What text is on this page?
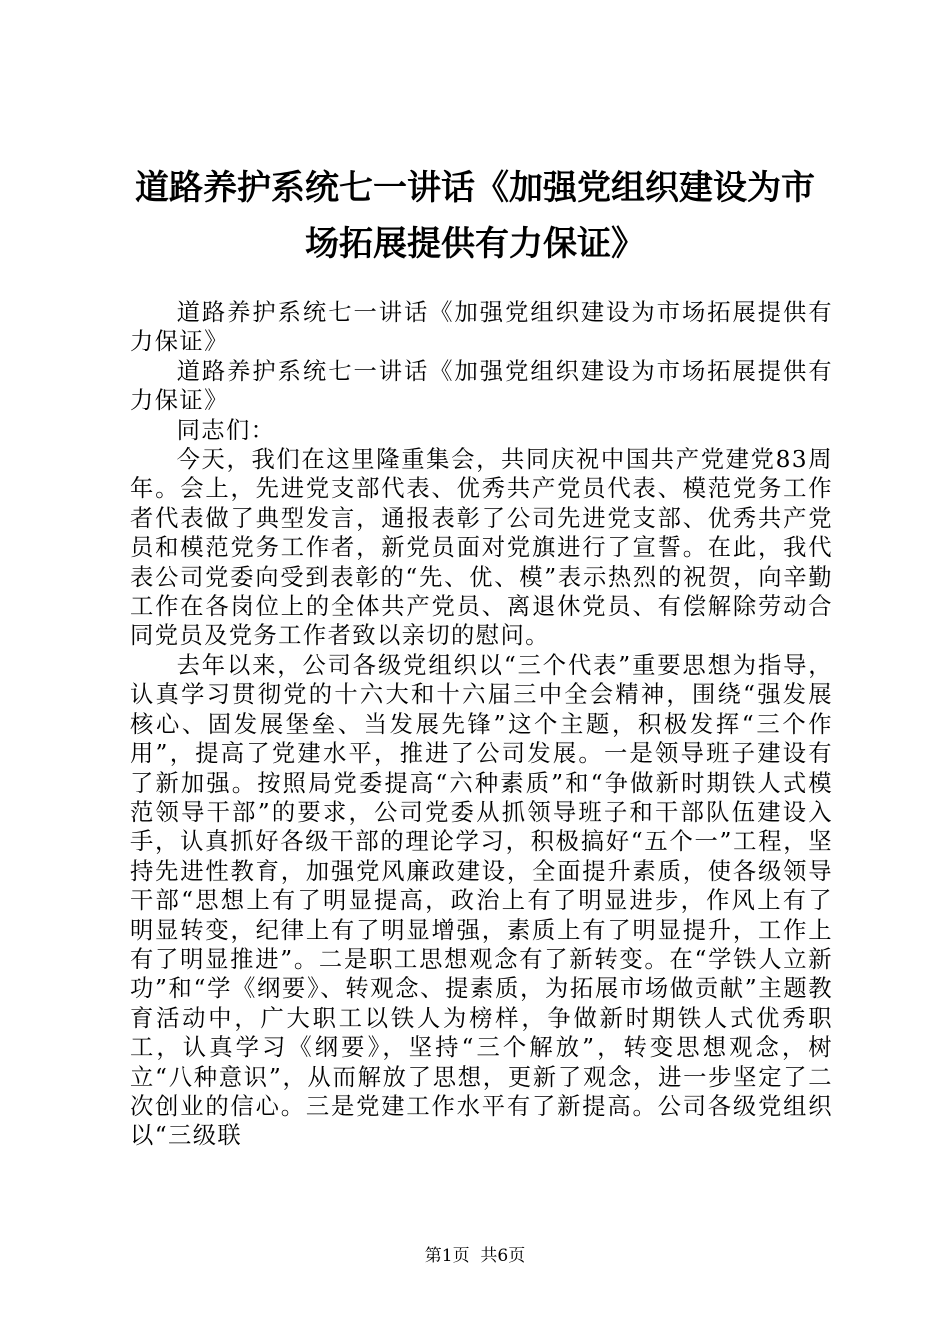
道路养护系统七一讲话《加强党组织建设为市
场拓展提供有力保证》

道路养护系统七一讲话《加强党组织建设为市场拓展提供有力保证》

道路养护系统七一讲话《加强党组织建设为市场拓展提供有力保证》

同志们：

今天，我们在这里隆重集会，共同庆祝中国共产党建党83周年。会上，先进党支部代表、优秀共产党员代表、模范党务工作者代表做了典型发言，通报表彰了公司先进党支部、优秀共产党员和模范党务工作者，新党员面对党旗进行了宣誓。在此，我代表公司党委向受到表彰的“先、优、模”表示热烈的祝贺，向辛勤工作在各岗位上的全体共产党员、离退休党员、有偿解除劳动合同党员及党务工作者致以亲切的慰问。

去年以来，公司各级党组织以“三个代表”重要思想为指导，认真学习贯彻党的十六大和十六届三中全会精神，围绕“强发展核心、固发展堡垒、当发展先锋”这个主题，积极发挥“三个作用”，提高了党建水平，推进了公司发展。一是领导班子建设有了新加强。按照局党委提高“六种素质”和“争做新时期铁人式模范领导干部”的要求，公司党委从抓领导班子和干部队伍建设入手，认真抓好各级干部的理论学习，积极搞好“五个一”工程，坚持先进性教育，加强党风廉政建设，全面提升素质，使各级领导干部“思想上有了明显提高，政治上有了明显进步，作风上有了明显转变，纪律上有了明显增强，素质上有了明显提升，工作上有了明显推进”。二是职工思想观念有了新转变。在“学铁人立新功”和“学《纲要》、转观念、提素质，为拓展市场做贡献”主题教育活动中，广大职工以铁人为榜样，争做新时期铁人式优秀职工，认真学习《纲要》，坚持“三个解放”，转变思想观念，树立“八种意识”，从而解放了思想，更新了观念，进一步坚定了二次创业的信心。三是党建工作水平有了新提高。公司各级党组织以“三级联

第1页 共6页
